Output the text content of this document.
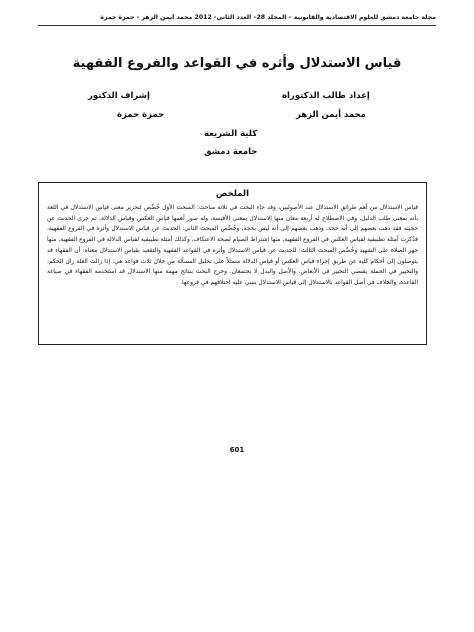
مجلة جامعة دمشق للعلوم الاقتصادية والقانونية – المجلد 28– العدد الثاني- 2012 محمد أيمن الزهر - حمزة حمزة
قياس الاستدلال وأثره في القواعد والفروع الفقهية
إعداد طالب الدكتوراه
محمد أيمن الزهر
إشراف الدكتور
حمزة حمزة
كلية الشريعة
جامعة دمشق
الملخص
قياس الاستدلال من أهم طرائق الاستدلال عند الأصوليين، وقد جاء البحث في ثلاثة مباحث: المبحث الأول خُصِّص لتحرير معنى قياس الاستدلال في اللغة بأنه بمعنى طلب الدليل، وفي الاصطلاح له أربعة معان منها الاستدلال بمعنى الأقيسة، وله صور أهمها قياس العكس وقياس الدلالة، ثم جرى الحديث عن حجيته فقد ذهب بعضهم إلى أنه حجة، وذهب بعضهم إلى أنه ليس بحجة، وخُصِّص المبحث الثاني: الحديث عن قياس الاستدلال وأثره في الفروع الفقهية، فذُكرت أمثلة تطبيقية لقياس العكس في الفروع الفقهية، منها اشتراط الصيام لصحة الاعتكاف، وكذلك أمثلة تطبيقية لقياس الدلالة في الفروع الفقهية، منها جهر الصلاة على الشهيد وخُصِّص المبحث الثالث: للحديث عن قياس الاستدلال وأثره في القواعد الفقهية والتقعيد بقياس الاستدلال معناه: أن الفقهاء قد يتوصلون إلى أحكام كلية عن طريق إجراء قياس العكس أو قياس الدلالة متمثلاً على تحليل المسألة من خلال ثلاث قواعد هي: إذا زالت العلة زال الحكم، والتخيير في الجملة يقتضي التخيير في الأبعاض، والأصل والبدل لا يجتمعان. وخرج البحث بنتائج مهمة منها الاستدلال قد استخدمه الفقهاء في صياغة القاعدة، والخلاف في أصل القواعد بالاستدلال إلى قياس الاستدلال ينبني عليه اختلافهم في فروعها.
601
